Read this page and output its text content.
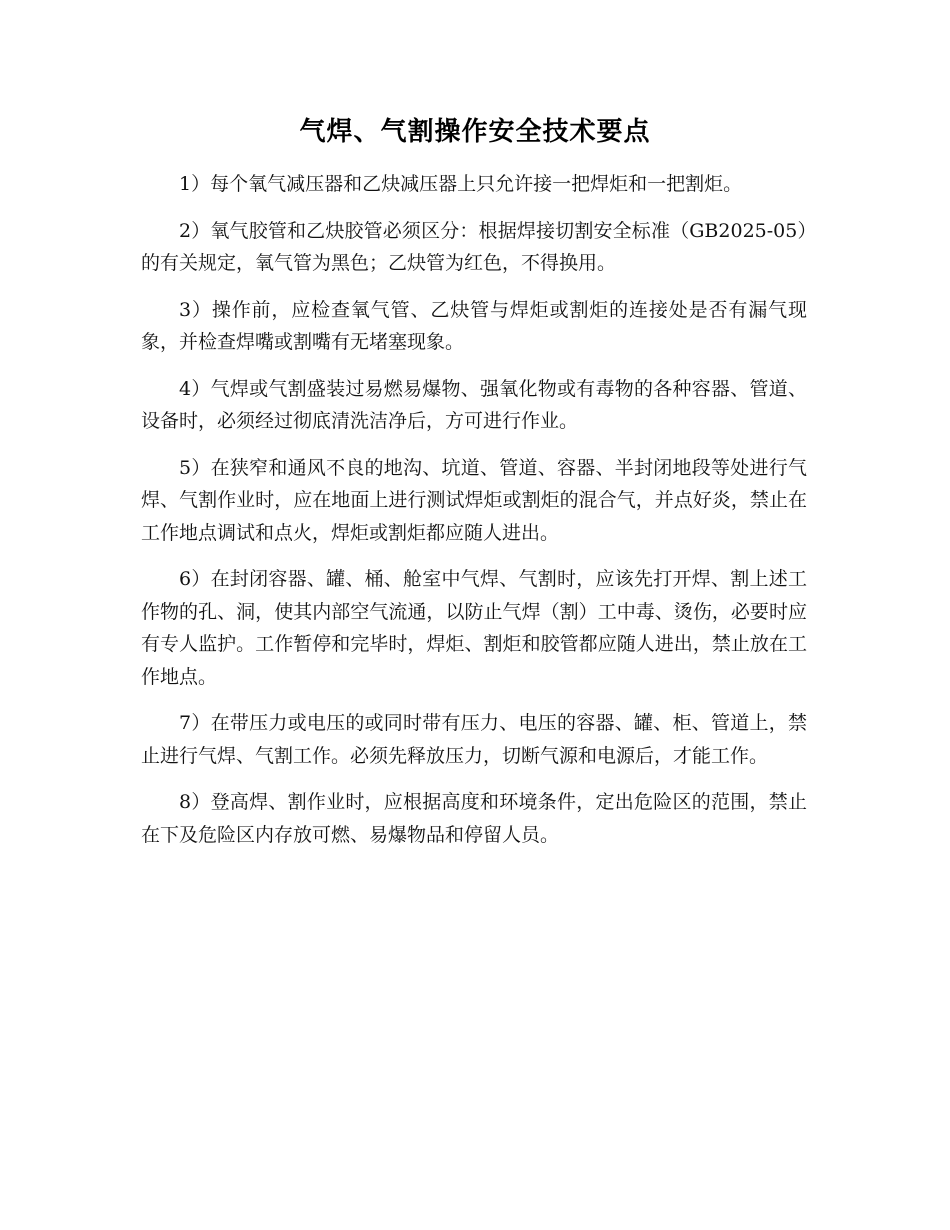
气焊、气割操作安全技术要点

1）每个氧气减压器和乙炔减压器上只允许接一把焊炬和一把割炬。

2）氧气胶管和乙炔胶管必须区分：根据焊接切割安全标准（GB2025-05）的有关规定，氧气管为黑色；乙炔管为红色，不得换用。

3）操作前，应检查氧气管、乙炔管与焊炬或割炬的连接处是否有漏气现象，并检查焊嘴或割嘴有无堵塞现象。

4）气焊或气割盛装过易燃易爆物、强氧化物或有毒物的各种容器、管道、设备时，必须经过彻底清洗洁净后，方可进行作业。

5）在狭窄和通风不良的地沟、坑道、管道、容器、半封闭地段等处进行气焊、气割作业时，应在地面上进行测试焊炬或割炬的混合气，并点好炎，禁止在工作地点调试和点火，焊炬或割炬都应随人进出。

6）在封闭容器、罐、桶、舱室中气焊、气割时，应该先打开焊、割上述工作物的孔、洞，使其内部空气流通，以防止气焊（割）工中毒、烫伤，必要时应有专人监护。工作暂停和完毕时，焊炬、割炬和胶管都应随人进出，禁止放在工作地点。

7）在带压力或电压的或同时带有压力、电压的容器、罐、柜、管道上，禁止进行气焊、气割工作。必须先释放压力，切断气源和电源后，才能工作。

8）登高焊、割作业时，应根据高度和环境条件，定出危险区的范围，禁止在下及危险区内存放可燃、易爆物品和停留人员。
